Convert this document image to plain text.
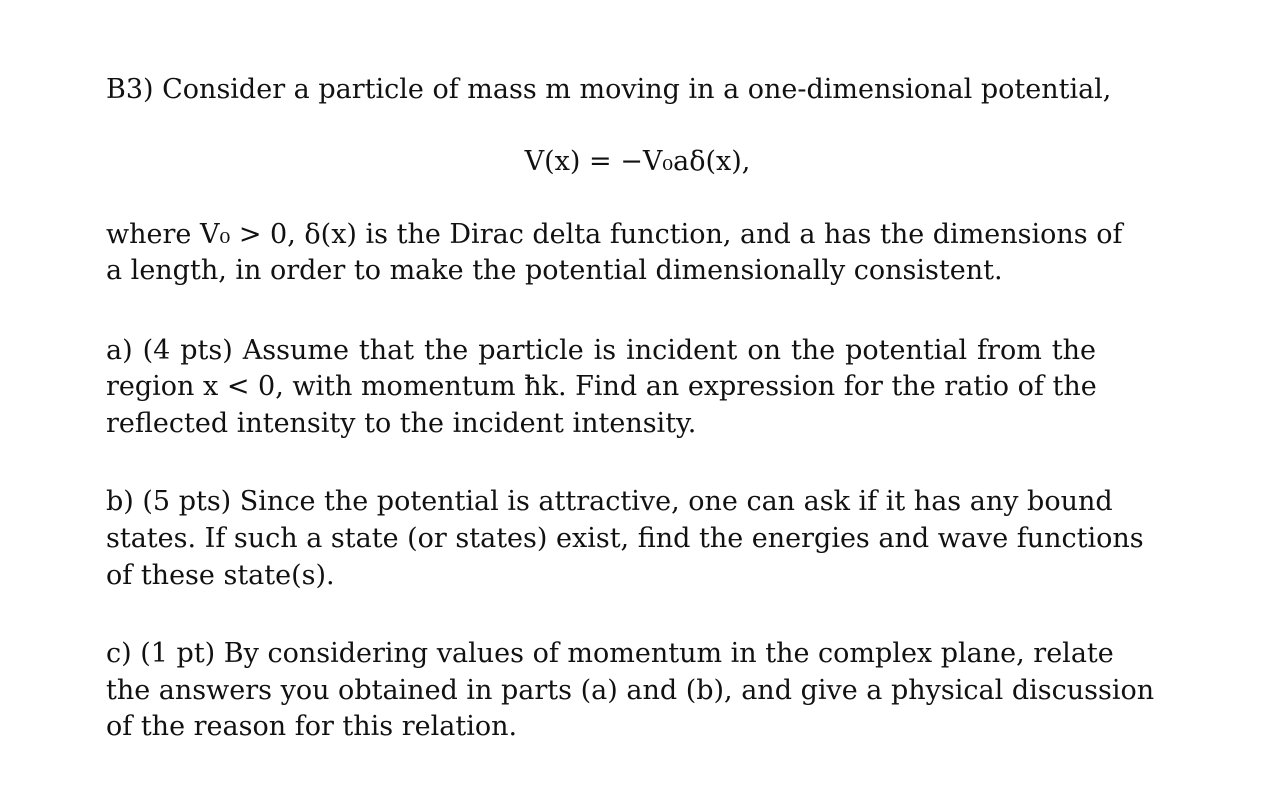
B3) Consider a particle of mass m moving in a one-dimensional potential,
V(x) = −V₀aδ(x),
where V₀ > 0, δ(x) is the Dirac delta function, and a has the dimensions of
a length, in order to make the potential dimensionally consistent.
a) (4 pts) Assume that the particle is incident on the potential from the
region x < 0, with momentum ħk. Find an expression for the ratio of the
reflected intensity to the incident intensity.
b) (5 pts) Since the potential is attractive, one can ask if it has any bound
states. If such a state (or states) exist, find the energies and wave functions
of these state(s).
c) (1 pt) By considering values of momentum in the complex plane, relate
the answers you obtained in parts (a) and (b), and give a physical discussion
of the reason for this relation.
